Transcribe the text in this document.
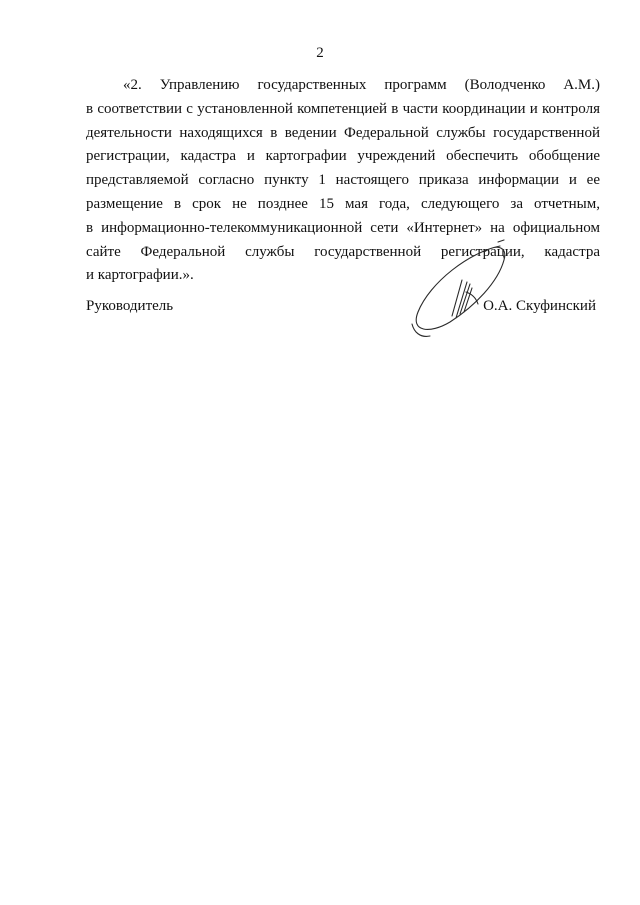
2
«2. Управлению государственных программ (Володченко А.М.)
в соответствии с установленной компетенцией в части координации и контроля
деятельности находящихся в ведении Федеральной службы государственной
регистрации, кадастра и картографии учреждений обеспечить обобщение
представляемой согласно пункту 1 настоящего приказа информации и ее
размещение в срок не позднее 15 мая года, следующего за отчетным,
в информационно-телекоммуникационной сети «Интернет» на официальном
сайте Федеральной службы государственной регистрации, кадастра
и картографии.».
Руководитель	О.А. Скуфинский
